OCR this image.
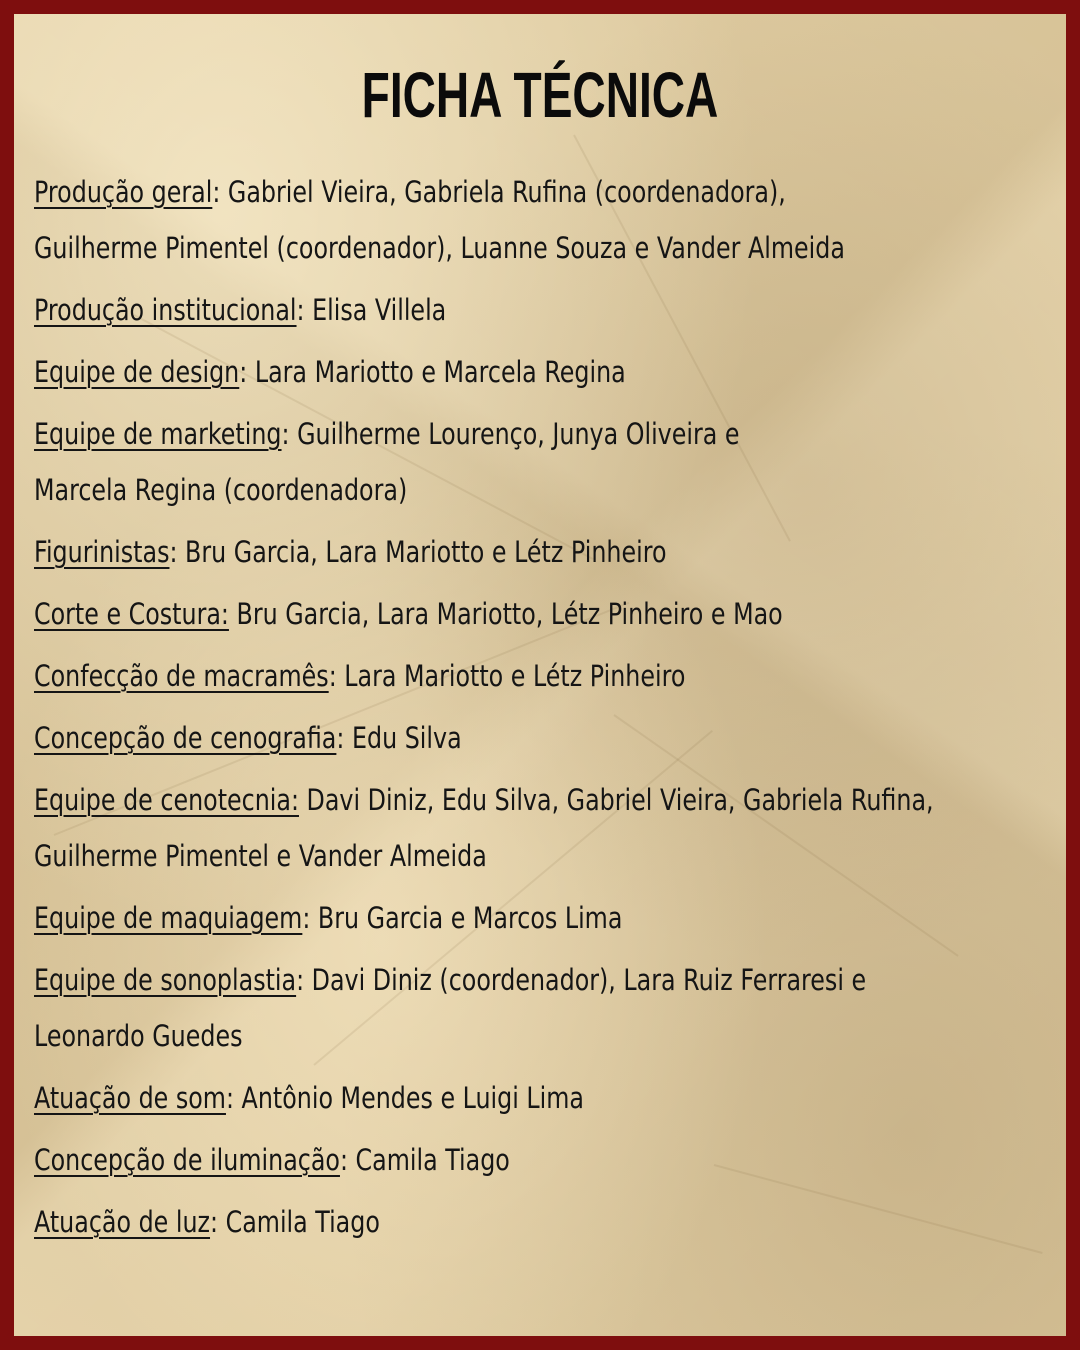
FICHA TÉCNICA
Produção geral: Gabriel Vieira, Gabriela Rufina (coordenadora),
Guilherme Pimentel (coordenador), Luanne Souza e Vander Almeida
Produção institucional: Elisa Villela
Equipe de design: Lara Mariotto e Marcela Regina
Equipe de marketing: Guilherme Lourenço, Junya Oliveira e
Marcela Regina (coordenadora)
Figurinistas: Bru Garcia, Lara Mariotto e Létz Pinheiro
Corte e Costura: Bru Garcia, Lara Mariotto, Létz Pinheiro e Mao
Confecção de macramês: Lara Mariotto e Létz Pinheiro
Concepção de cenografia: Edu Silva
Equipe de cenotecnia: Davi Diniz, Edu Silva, Gabriel Vieira, Gabriela Rufina,
Guilherme Pimentel e Vander Almeida
Equipe de maquiagem: Bru Garcia e Marcos Lima
Equipe de sonoplastia: Davi Diniz (coordenador), Lara Ruiz Ferraresi e
Leonardo Guedes
Atuação de som: Antônio Mendes e Luigi Lima
Concepção de iluminação: Camila Tiago
Atuação de luz: Camila Tiago
